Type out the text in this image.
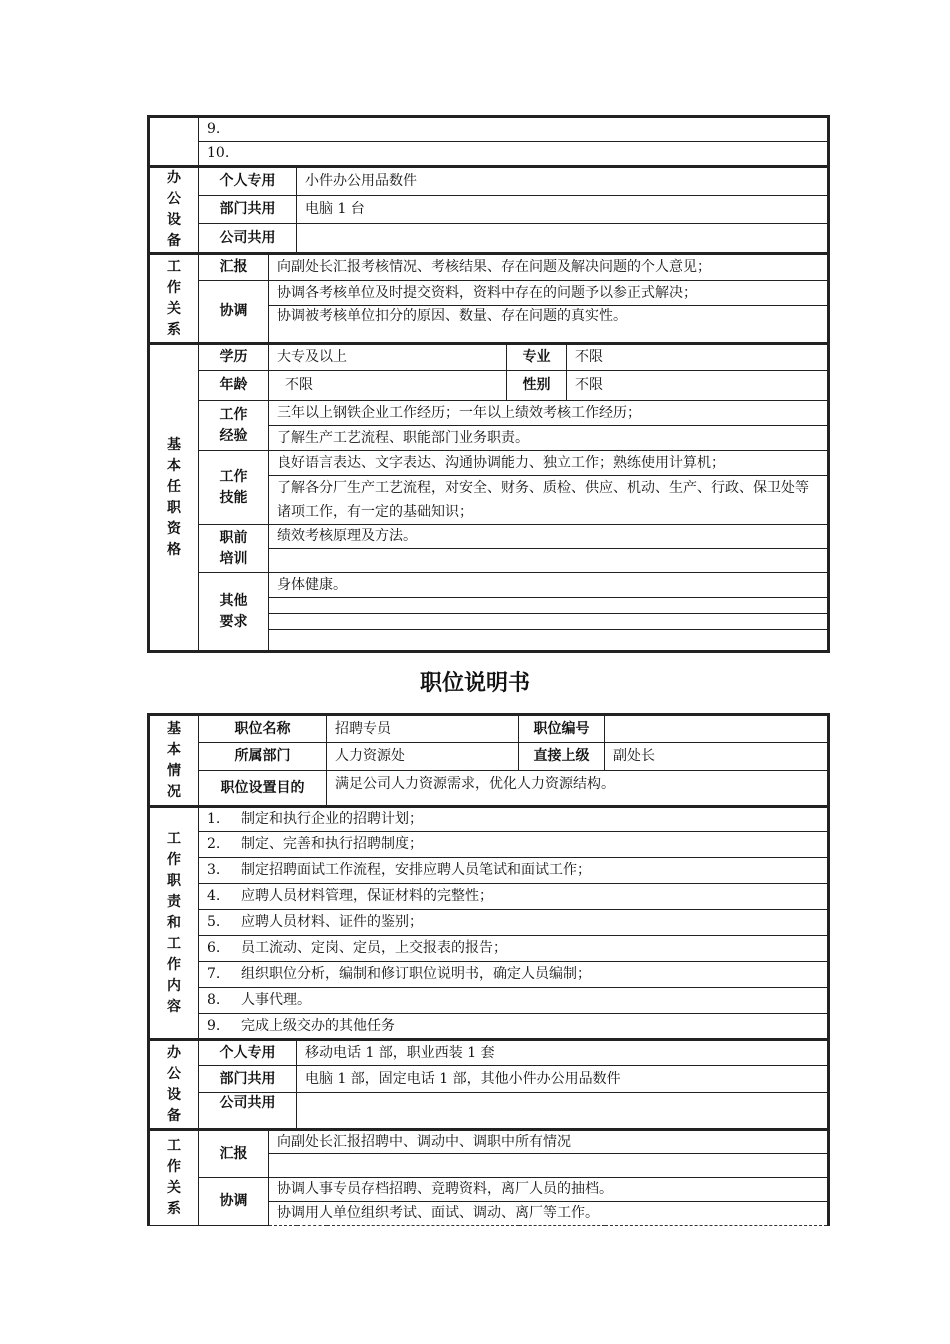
	9.				
	10.				
办公设备	个人专用		小件办公用品数件		
	部门共用		电脑 1 台		
	公司共用				
工作关系	汇报	向副处长汇报考核情况、考核结果、存在问题及解决问题的个人意见；			
	协调	协调各考核单位及时提交资料，资料中存在的问题予以参正式解决；			
		协调被考核单位扣分的原因、数量、存在问题的真实性。			
基本任职资格	学历	大专及以上		专业	不限
	年龄	不限		性别	不限
	工作经验	三年以上钢铁企业工作经历；一年以上绩效考核工作经历；			
		了解生产工艺流程、职能部门业务职责。			
	工作技能	良好语言表达、文字表达、沟通协调能力、独立工作；熟练使用计算机；			
		了解各分厂生产工艺流程，对安全、财务、质检、供应、机动、生产、行政、保卫处等诸项工作，有一定的基础知识；			
	职前培训	绩效考核原理及方法。			

	其他要求	身体健康。			

职位说明书
基本情况	职位名称			招聘专员	职位编号	
	所属部门			人力资源处	直接上级	副处长
	职位设置目的			满足公司人力资源需求，优化人力资源结构。		
工作职责和工作内容	1. 制定和执行企业的招聘计划；					
	2. 制定、完善和执行招聘制度；					
	3. 制定招聘面试工作流程，安排应聘人员笔试和面试工作；					
	4. 应聘人员材料管理，保证材料的完整性；					
	5. 应聘人员材料、证件的鉴别；					
	6. 员工流动、定岗、定员，上交报表的报告；					
	7. 组织职位分析，编制和修订职位说明书，确定人员编制；					
	8. 人事代理。					
	9. 完成上级交办的其他任务					
办公设备	个人专用		移动电话 1 部，职业西装 1 套			
	部门共用		电脑 1 部，固定电话 1 部，其他小件办公用品数件			
	公司共用					
工作关系	汇报	向副处长汇报招聘中、调动中、调职中所有情况				

	协调	协调人事专员存档招聘、竞聘资料，离厂人员的抽档。				
		协调用人单位组织考试、面试、调动、离厂等工作。				
